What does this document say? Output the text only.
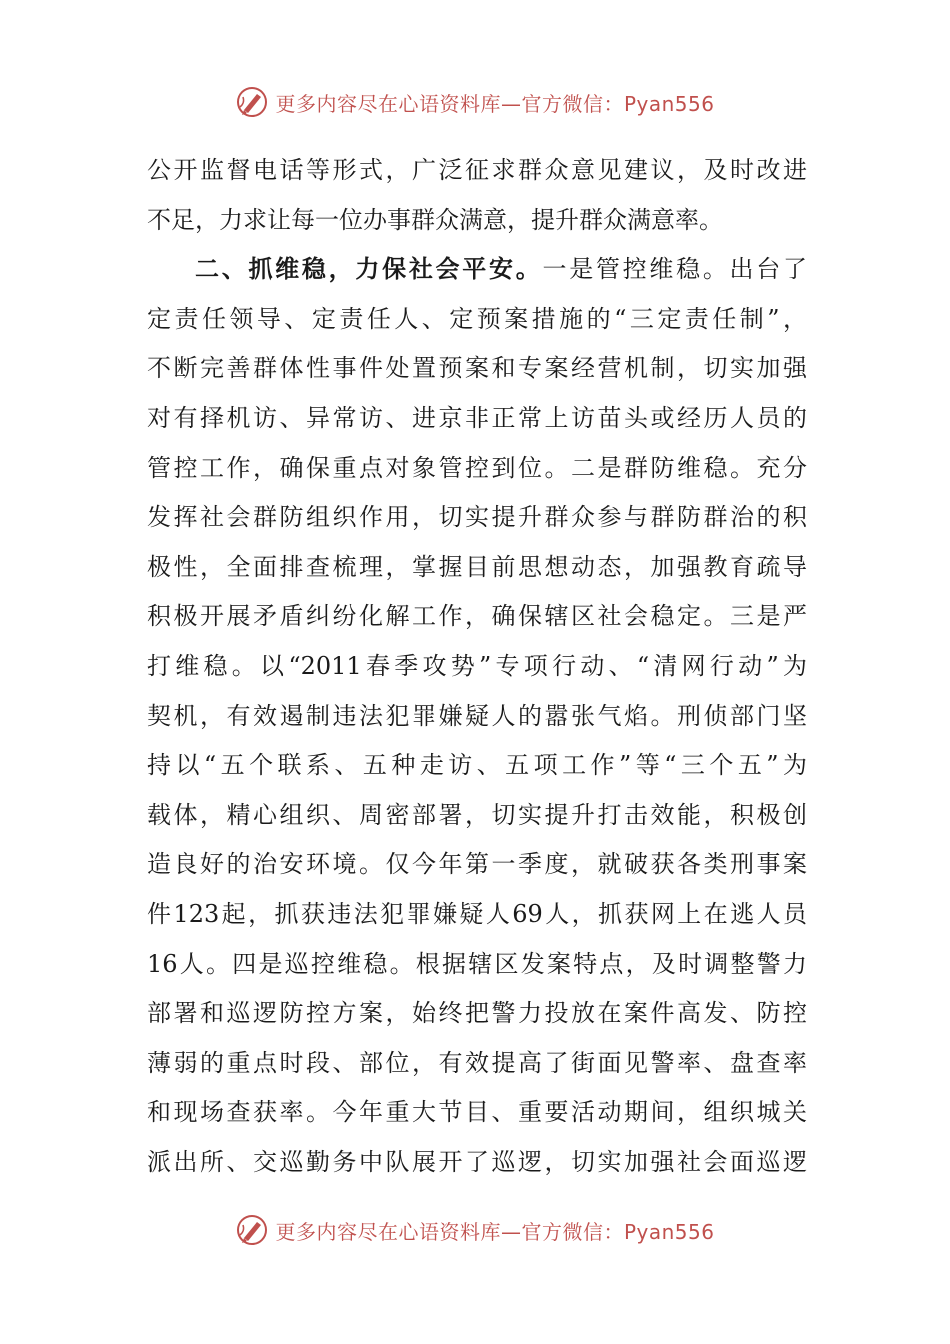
更多内容尽在心语资料库—官方微信：Pyan556
公开监督电话等形式，广泛征求群众意见建议，及时改进
不足，力求让每一位办事群众满意，提升群众满意率。
二、抓维稳，力保社会平安。一是管控维稳。出台了
定责任领导、定责任人、定预案措施的“三定责任制”，
不断完善群体性事件处置预案和专案经营机制，切实加强
对有择机访、异常访、进京非正常上访苗头或经历人员的
管控工作，确保重点对象管控到位。二是群防维稳。充分
发挥社会群防组织作用，切实提升群众参与群防群治的积
极性，全面排查梳理，掌握目前思想动态，加强教育疏导
积极开展矛盾纠纷化解工作，确保辖区社会稳定。三是严
打维稳。以“2011春季攻势”专项行动、“清网行动”为
契机，有效遏制违法犯罪嫌疑人的嚣张气焰。刑侦部门坚
持以“五个联系、五种走访、五项工作”等“三个五”为
载体，精心组织、周密部署，切实提升打击效能，积极创
造良好的治安环境。仅今年第一季度，就破获各类刑事案
件123起，抓获违法犯罪嫌疑人69人，抓获网上在逃人员
16人。四是巡控维稳。根据辖区发案特点，及时调整警力
部署和巡逻防控方案，始终把警力投放在案件高发、防控
薄弱的重点时段、部位，有效提高了街面见警率、盘查率
和现场查获率。今年重大节目、重要活动期间，组织城关
派出所、交巡勤务中队展开了巡逻，切实加强社会面巡逻
更多内容尽在心语资料库—官方微信：Pyan556
